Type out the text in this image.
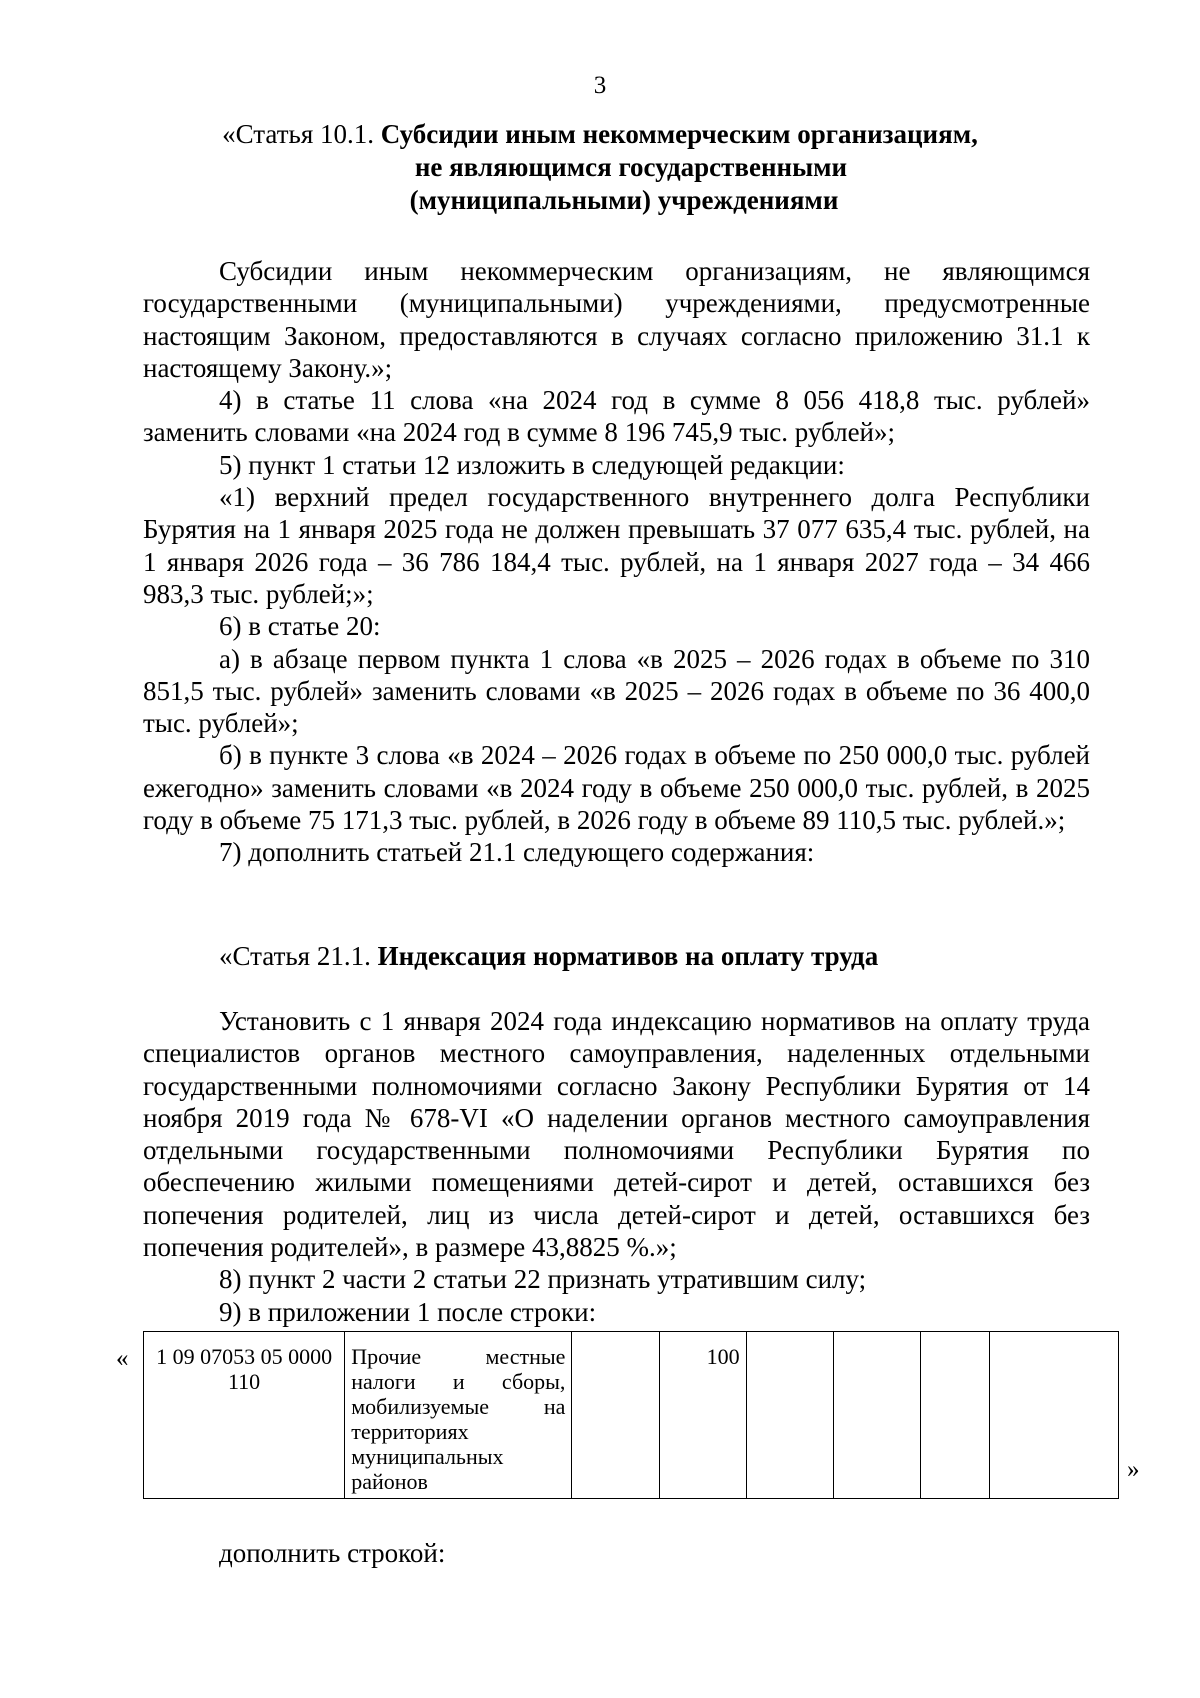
3
«Статья 10.1. Субсидии иным некоммерческим организациям,
не являющимся государственными
(муниципальными) учреждениями

Субсидии иным некоммерческим организациям, не являющимся государственными (муниципальными) учреждениями, предусмотренные настоящим Законом, предоставляются в случаях согласно приложению 31.1 к настоящему Закону.»;

4) в статье 11 слова «на 2024 год в сумме 8 056 418,8 тыс. рублей» заменить словами «на 2024 год в сумме 8 196 745,9 тыс. рублей»;

5) пункт 1 статьи 12 изложить в следующей редакции:

«1) верхний предел государственного внутреннего долга Республики Бурятия на 1 января 2025 года не должен превышать 37 077 635,4 тыс. рублей, на 1 января 2026 года – 36 786 184,4 тыс. рублей, на 1 января 2027 года – 34 466 983,3 тыс. рублей;»;

6) в статье 20:

а) в абзаце первом пункта 1 слова «в 2025 – 2026 годах в объеме по 310 851,5 тыс. рублей» заменить словами «в 2025 – 2026 годах в объеме по 36 400,0 тыс. рублей»;

б) в пункте 3 слова «в 2024 – 2026 годах в объеме по 250 000,0 тыс. рублей ежегодно» заменить словами «в 2024 году в объеме 250 000,0 тыс. рублей, в 2025 году в объеме 75 171,3 тыс. рублей, в 2026 году в объеме 89 110,5 тыс. рублей.»;

7) дополнить статьей 21.1 следующего содержания:

«Статья 21.1. Индексация нормативов на оплату труда

Установить с 1 января 2024 года индексацию нормативов на оплату труда специалистов органов местного самоуправления, наделенных отдельными государственными полномочиями согласно Закону Республики Бурятия от 14 ноября 2019 года № 678-VI «О наделении органов местного самоуправления отдельными государственными полномочиями Республики Бурятия по обеспечению жилыми помещениями детей-сирот и детей, оставшихся без попечения родителей, лиц из числа детей-сирот и детей, оставшихся без попечения родителей», в размере 43,8825 %.»;

8) пункт 2 части 2 статьи 22 признать утратившим силу;

9) в приложении 1 после строки:

« 1 09 07053 05 0000 110	Прочие местные налоги и сборы, мобилизуемые на территориях муниципальных районов		100				
»
дополнить строкой:
